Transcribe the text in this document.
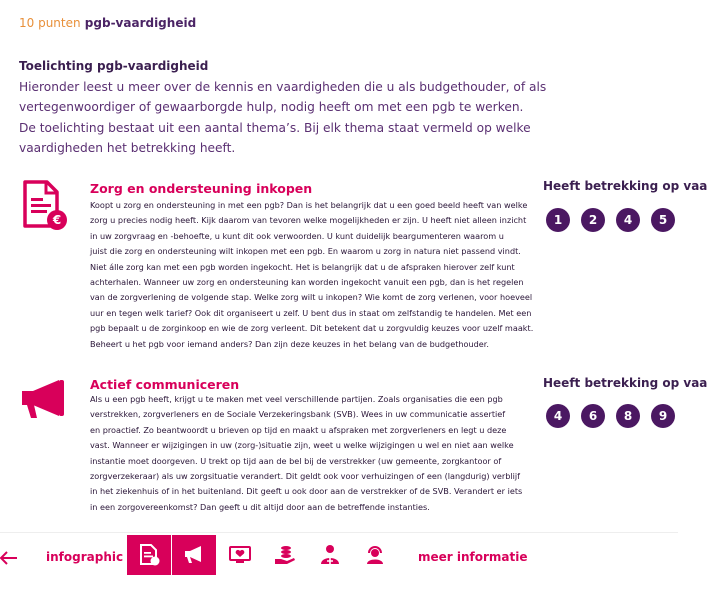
10 punten pgb-vaardigheid
Toelichting pgb-vaardigheid
Hieronder leest u meer over de kennis en vaardigheden die u als budgethouder, of als
vertegenwoordiger of gewaarborgde hulp, nodig heeft om met een pgb te werken.
De toelichting bestaat uit een aantal thema’s. Bij elk thema staat vermeld op welke
vaardigheden het betrekking heeft.
€
Zorg en ondersteuning inkopen
Koopt u zorg en ondersteuning in met een pgb? Dan is het belangrijk dat u een goed beeld heeft van welke
zorg u precies nodig heeft. Kijk daarom van tevoren welke mogelijkheden er zijn. U heeft niet alleen inzicht
in uw zorgvraag en -behoefte, u kunt dit ook verwoorden. U kunt duidelijk beargumenteren waarom u
juist die zorg en ondersteuning wilt inkopen met een pgb. En waarom u zorg in natura niet passend vindt.
Niet álle zorg kan met een pgb worden ingekocht. Het is belangrijk dat u de afspraken hierover zelf kunt
achterhalen. Wanneer uw zorg en ondersteuning kan worden ingekocht vanuit een pgb, dan is het regelen
van de zorgverlening de volgende stap. Welke zorg wilt u inkopen? Wie komt de zorg verlenen, voor hoeveel
uur en tegen welk tarief? Ook dit organiseert u zelf. U bent dus in staat om zelfstandig te handelen. Met een
pgb bepaalt u de zorginkoop en wie de zorg verleent. Dit betekent dat u zorgvuldig keuzes voor uzelf maakt.
Beheert u het pgb voor iemand anders? Dan zijn deze keuzes in het belang van de budgethouder.
Heeft betrekking op vaa
1	2	4	5
Actief communiceren
Als u een pgb heeft, krijgt u te maken met veel verschillende partijen. Zoals organisaties die een pgb
verstrekken, zorgverleners en de Sociale Verzekeringsbank (SVB). Wees in uw communicatie assertief
en proactief. Zo beantwoordt u brieven op tijd en maakt u afspraken met zorgverleners en legt u deze
vast. Wanneer er wijzigingen in uw (zorg-)situatie zijn, weet u welke wijzigingen u wel en niet aan welke
instantie moet doorgeven. U trekt op tijd aan de bel bij de verstrekker (uw gemeente, zorgkantoor of
zorgverzekeraar) als uw zorgsituatie verandert. Dit geldt ook voor verhuizingen of een (langdurig) verblijf
in het ziekenhuis of in het buitenland. Dit geeft u ook door aan de verstrekker of de SVB. Verandert er iets
in een zorgovereenkomst? Dan geeft u dit altijd door aan de betreffende instanties.
Heeft betrekking op vaa
4	6	8	9
infographic	meer informatie
